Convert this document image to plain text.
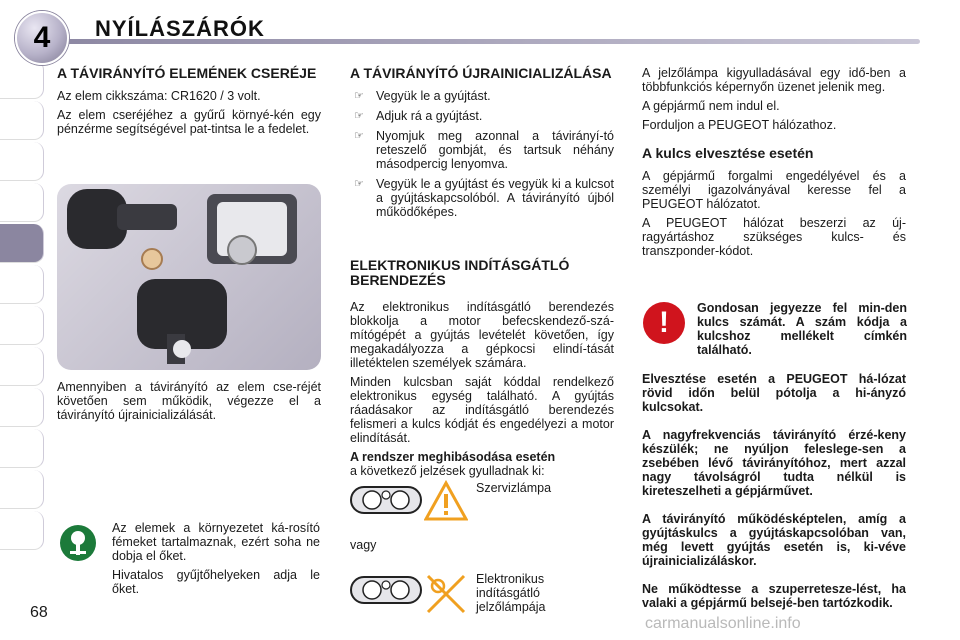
4	NYÍLÁSZÁRÓK
A TÁVIRÁNYÍTÓ ELEMÉNEK CSERÉJE

Az elem cikkszáma: CR1620 / 3 volt.

Az elem cseréjéhez a gyűrű környé-kén egy pénzérme segítségével pat-tintsa le a fedelet.

Amennyiben a távirányító az elem cse-réjét követően sem működik, végezze el a távirányító újrainicializálását.

Az elemek a környezetet ká-rosító fémeket tartalmaznak, ezért soha ne dobja el őket.

Hivatalos gyűjtőhelyeken adja le őket.

A TÁVIRÁNYÍTÓ ÚJRAINICIALIZÁLÁSA
☞ Vegyük le a gyújtást.
☞ Adjuk rá a gyújtást.
☞ Nyomjuk meg azonnal a távirányí-tó reteszelő gombját, és tartsuk néhány másodpercig lenyomva.
☞ Vegyük le a gyújtást és vegyük ki a kulcsot a gyújtáskapcsolóból. A távirányító újból működőképes.
ELEKTRONIKUS INDÍTÁSGÁTLÓ BERENDEZÉS

Az elektronikus indításgátló berendezés blokkolja a motor befecskendező-szá-mítógépét a gyújtás levételét követően, így megakadályozza a gépkocsi elindí-tását illetéktelen személyek számára.

Minden kulcsban saját kóddal rendelkező elektronikus egység található. A gyújtás ráadásakor az indításgátló berendezés felismeri a kulcs kódját és engedélyezi a motor elindítását.

A rendszer meghibásodása esetén
a következő jelzések gyulladnak ki:

Szervizlámpa
vagy
Elektronikus indításgátló jelzőlámpája

A jelzőlámpa kigyulladásával egy idő-ben a többfunkciós képernyőn üzenet jelenik meg.

A gépjármű nem indul el.

Forduljon a PEUGEOT hálózathoz.

A kulcs elvesztése esetén

A gépjármű forgalmi engedélyével és a személyi igazolványával keresse fel a PEUGEOT hálózatot.

A PEUGEOT hálózat beszerzi az új-ragyártáshoz szükséges kulcs- és transzponder-kódot.

!	Gondosan jegyezze fel min-den kulcs számát. A szám kódja a kulcshoz mellékelt címkén található.

Elvesztése esetén a PEUGEOT há-lózat rövid időn belül pótolja a hi-ányzó kulcsokat.

A nagyfrekvenciás távirányító érzé-keny készülék; ne nyúljon feleslege-sen a zsebében lévő távirányítóhoz, mert azzal nagy távolságról tudta nélkül is kireteszelheti a gépjárművet.

A távirányító működésképtelen, amíg a gyújtáskulcs a gyújtáskapcsolóban van, még levett gyújtás esetén is, ki-véve újrainicializáláskor.

Ne működtesse a szuperretesze-lést, ha valaki a gépjármű belsejé-ben tartózkodik.

68
carmanualsonline.info
